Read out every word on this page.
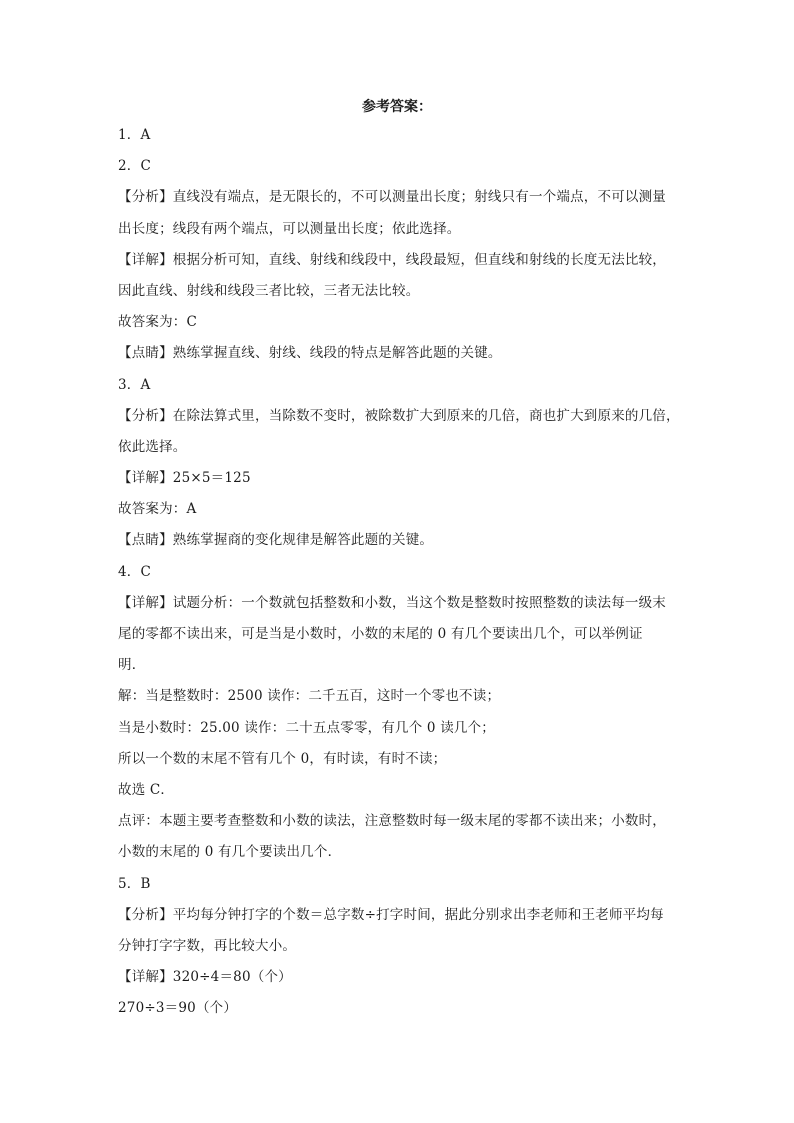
参考答案：
1．A
2．C
【分析】直线没有端点，是无限长的，不可以测量出长度；射线只有一个端点，不可以测量
出长度；线段有两个端点，可以测量出长度；依此选择。
【详解】根据分析可知，直线、射线和线段中，线段最短，但直线和射线的长度无法比较，
因此直线、射线和线段三者比较，三者无法比较。
故答案为：C
【点睛】熟练掌握直线、射线、线段的特点是解答此题的关键。
3．A
【分析】在除法算式里，当除数不变时，被除数扩大到原来的几倍，商也扩大到原来的几倍，
依此选择。
【详解】25×5＝125
故答案为：A
【点睛】熟练掌握商的变化规律是解答此题的关键。
4．C
【详解】试题分析：一个数就包括整数和小数，当这个数是整数时按照整数的读法每一级末
尾的零都不读出来，可是当是小数时，小数的末尾的 0 有几个要读出几个，可以举例证
明．
解：当是整数时：2500 读作：二千五百，这时一个零也不读；
当是小数时：25.00 读作：二十五点零零，有几个 0 读几个；
所以一个数的末尾不管有几个 0，有时读，有时不读；
故选 C．
点评：本题主要考查整数和小数的读法，注意整数时每一级末尾的零都不读出来；小数时，
小数的末尾的 0 有几个要读出几个．
5．B
【分析】平均每分钟打字的个数＝总字数÷打字时间，据此分别求出李老师和王老师平均每
分钟打字字数，再比较大小。
【详解】320÷4＝80（个）
270÷3＝90（个）
